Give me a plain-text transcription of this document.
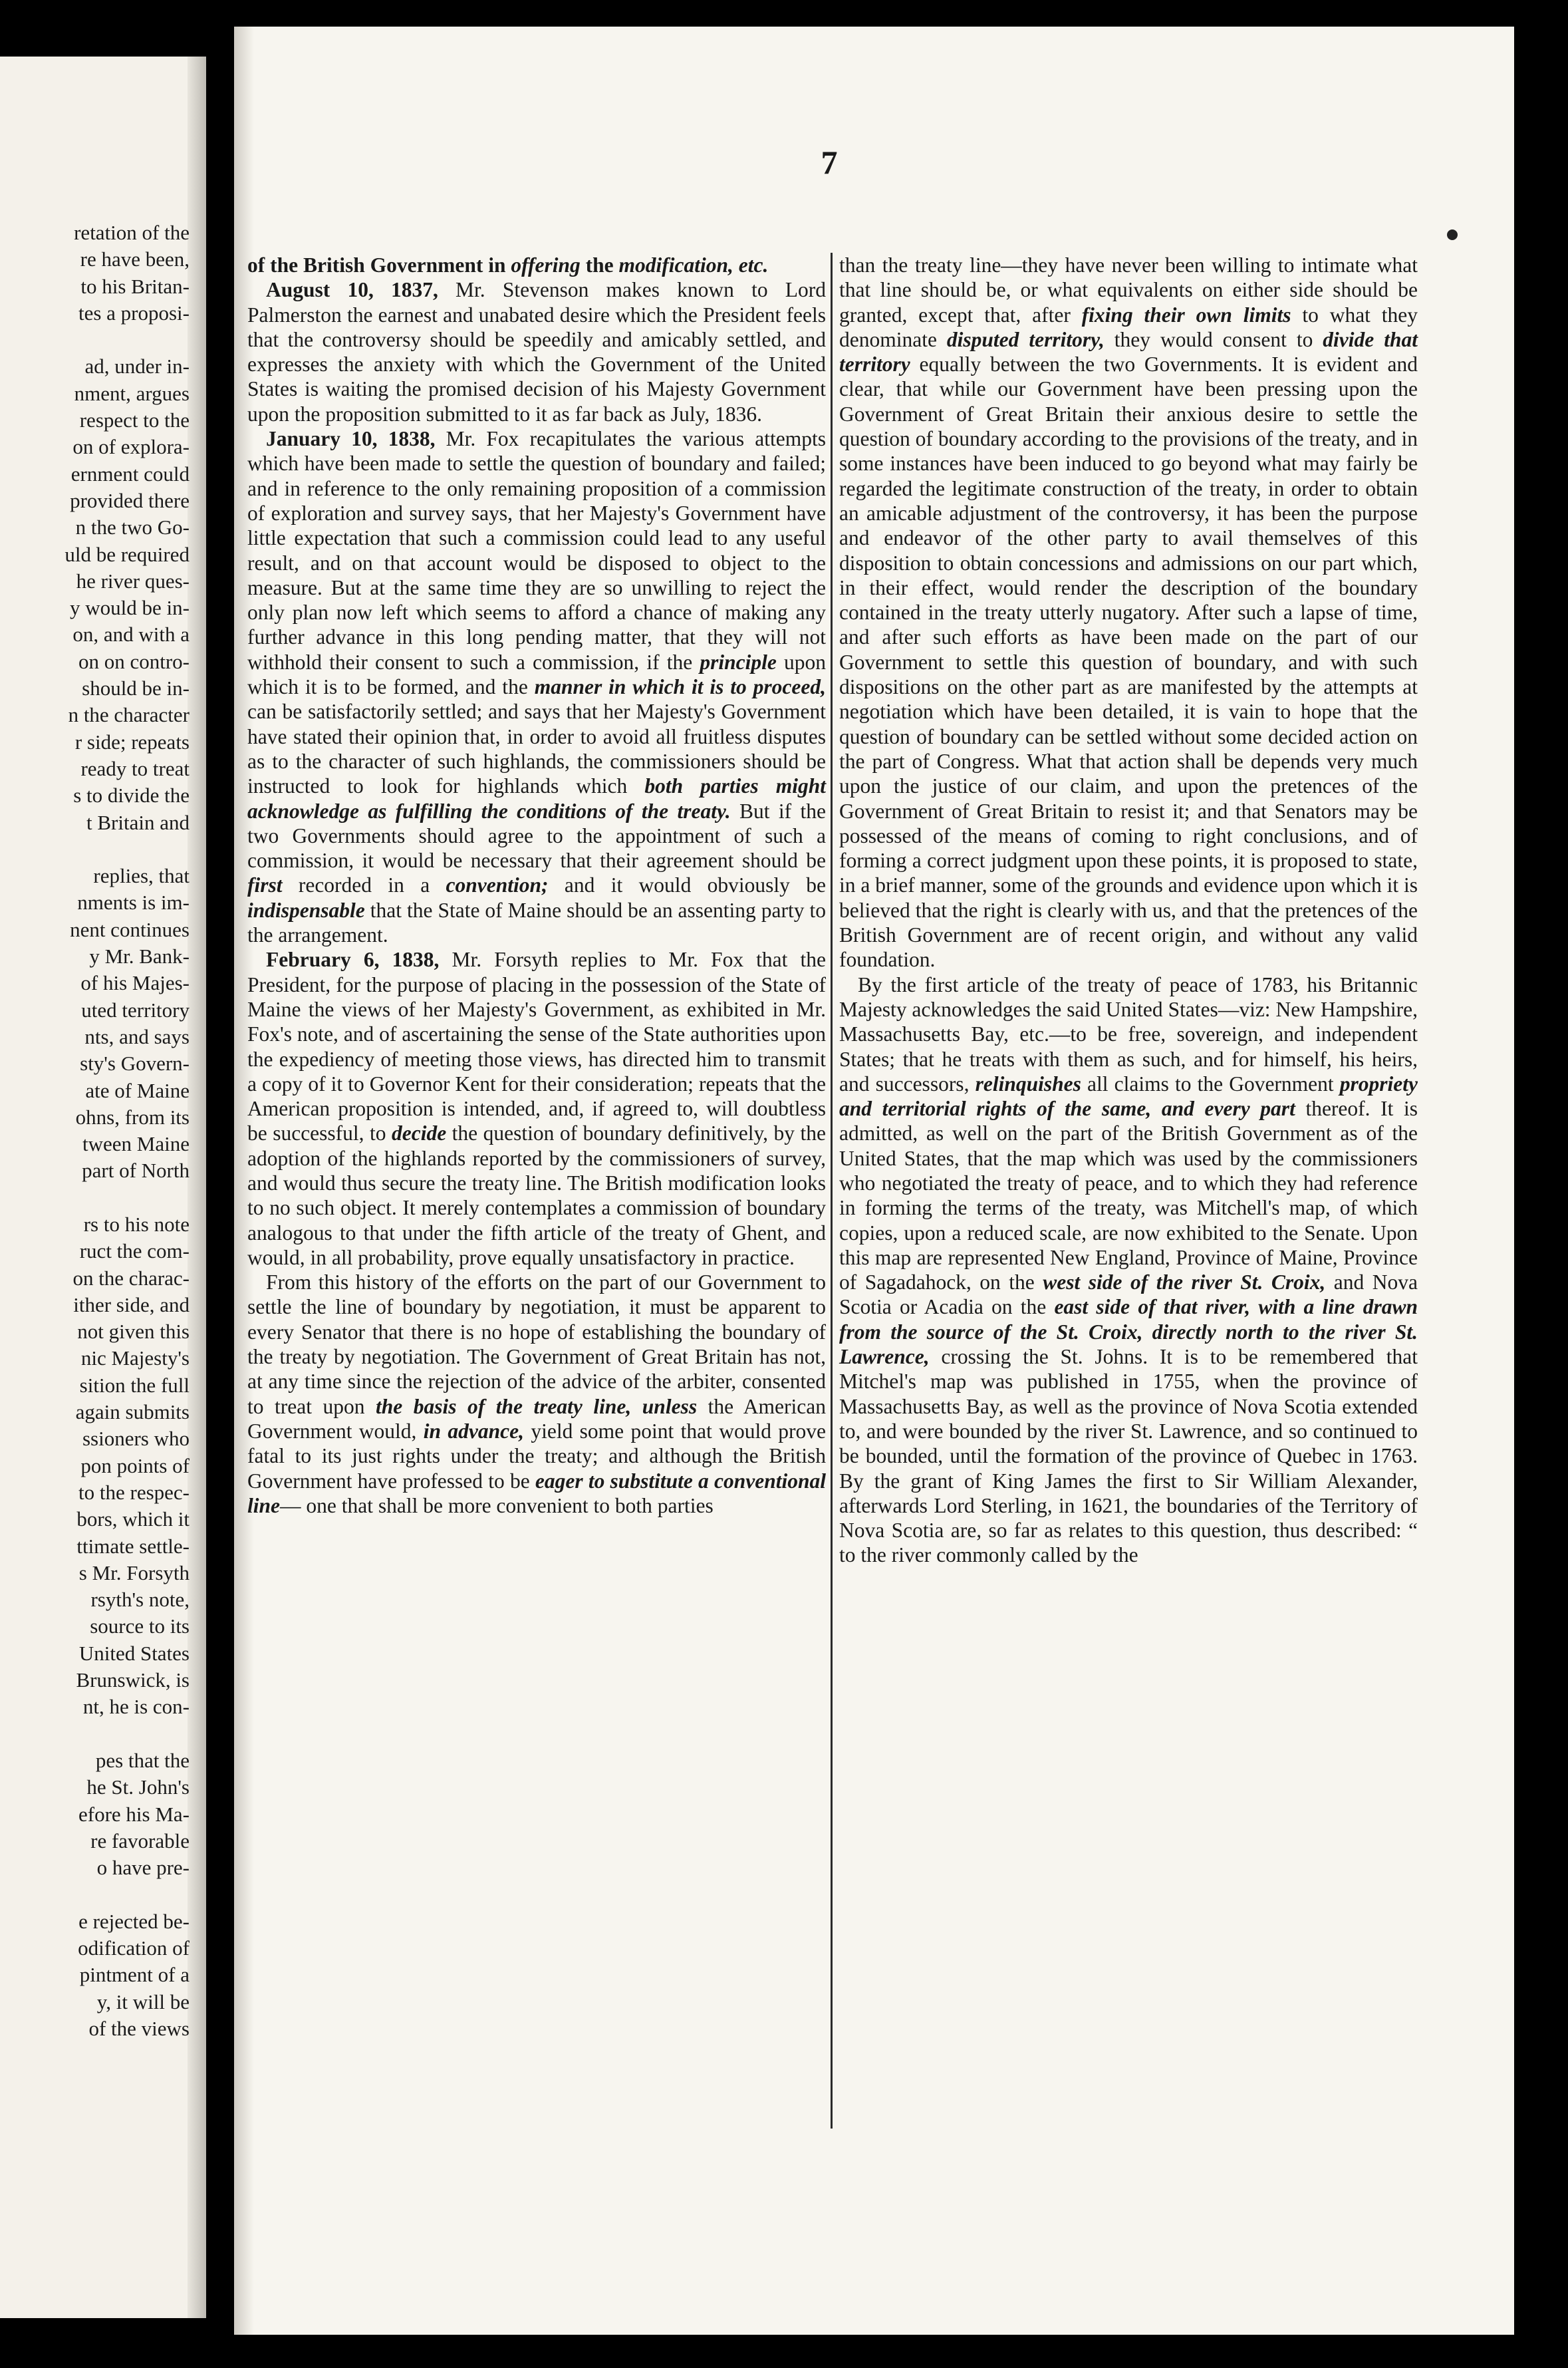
retation of the
re have been,
to his Britan-
tes a proposi-
ad, under in-
nment, argues
respect to the
on of explora-
ernment could
provided there
n the two Go-
uld be required
he river ques-
y would be in-
on, and with a
on on contro-
should be in-
n the character
r side; repeats
ready to treat
s to divide the
t Britain and
replies, that
nments is im-
nent continues
y Mr. Bank-
of his Majes-
uted territory
nts, and says
sty's Govern-
ate of Maine
ohns, from its
tween Maine
part of North
rs to his note
ruct the com-
on the charac-
ither side, and
not given this
nic Majesty's
sition the full
again submits
ssioners who
pon points of
to the respec-
bors, which it
ttimate settle-
s Mr. Forsyth
rsyth's note,
source to its
United States
Brunswick, is
nt, he is con-
pes that the
he St. John's
efore his Ma-
re favorable
o have pre-
e rejected be-
odification of
pintment of a
y, it will be
of the views
7

of the British Government in offering the modification, etc.

August 10, 1837, Mr. Stevenson makes known to Lord Palmerston the earnest and unabated desire which the President feels that the controversy should be speedily and amicably settled, and expresses the anxiety with which the Government of the United States is waiting the promised decision of his Majesty Government upon the proposition submitted to it as far back as July, 1836.

January 10, 1838, Mr. Fox recapitulates the various attempts which have been made to settle the question of boundary and failed; and in reference to the only remaining proposition of a commission of exploration and survey says, that her Majesty's Government have little expectation that such a commission could lead to any useful result, and on that account would be disposed to object to the measure. But at the same time they are so unwilling to reject the only plan now left which seems to afford a chance of making any further advance in this long pending matter, that they will not withhold their consent to such a commission, if the principle upon which it is to be formed, and the manner in which it is to proceed, can be satisfactorily settled; and says that her Majesty's Government have stated their opinion that, in order to avoid all fruitless disputes as to the character of such highlands, the commissioners should be instructed to look for highlands which both parties might acknowledge as fulfilling the conditions of the treaty. But if the two Governments should agree to the appointment of such a commission, it would be necessary that their agreement should be first recorded in a convention; and it would obviously be indispensable that the State of Maine should be an assenting party to the arrangement.

February 6, 1838, Mr. Forsyth replies to Mr. Fox that the President, for the purpose of placing in the possession of the State of Maine the views of her Majesty's Government, as exhibited in Mr. Fox's note, and of ascertaining the sense of the State authorities upon the expediency of meeting those views, has directed him to transmit a copy of it to Governor Kent for their consideration; repeats that the American proposition is intended, and, if agreed to, will doubtless be successful, to decide the question of boundary definitively, by the adoption of the highlands reported by the commissioners of survey, and would thus secure the treaty line. The British modification looks to no such object. It merely contemplates a commission of boundary analogous to that under the fifth article of the treaty of Ghent, and would, in all probability, prove equally unsatisfactory in practice.

From this history of the efforts on the part of our Government to settle the line of boundary by negotiation, it must be apparent to every Senator that there is no hope of establishing the boundary of the treaty by negotiation. The Government of Great Britain has not, at any time since the rejection of the advice of the arbiter, consented to treat upon the basis of the treaty line, unless the American Government would, in advance, yield some point that would prove fatal to its just rights under the treaty; and although the British Government have professed to be eager to substitute a conventional line— one that shall be more convenient to both parties

than the treaty line—they have never been willing to intimate what that line should be, or what equivalents on either side should be granted, except that, after fixing their own limits to what they denominate disputed territory, they would consent to divide that territory equally between the two Governments. It is evident and clear, that while our Government have been pressing upon the Government of Great Britain their anxious desire to settle the question of boundary according to the provisions of the treaty, and in some instances have been induced to go beyond what may fairly be regarded the legitimate construction of the treaty, in order to obtain an amicable adjustment of the controversy, it has been the purpose and endeavor of the other party to avail themselves of this disposition to obtain concessions and admissions on our part which, in their effect, would render the description of the boundary contained in the treaty utterly nugatory. After such a lapse of time, and after such efforts as have been made on the part of our Government to settle this question of boundary, and with such dispositions on the other part as are manifested by the attempts at negotiation which have been detailed, it is vain to hope that the question of boundary can be settled without some decided action on the part of Congress. What that action shall be depends very much upon the justice of our claim, and upon the pretences of the Government of Great Britain to resist it; and that Senators may be possessed of the means of coming to right conclusions, and of forming a correct judgment upon these points, it is proposed to state, in a brief manner, some of the grounds and evidence upon which it is believed that the right is clearly with us, and that the pretences of the British Government are of recent origin, and without any valid foundation.

By the first article of the treaty of peace of 1783, his Britannic Majesty acknowledges the said United States—viz: New Hampshire, Massachusetts Bay, etc.—to be free, sovereign, and independent States; that he treats with them as such, and for himself, his heirs, and successors, relinquishes all claims to the Government propriety and territorial rights of the same, and every part thereof. It is admitted, as well on the part of the British Government as of the United States, that the map which was used by the commissioners who negotiated the treaty of peace, and to which they had reference in forming the terms of the treaty, was Mitchell's map, of which copies, upon a reduced scale, are now exhibited to the Senate. Upon this map are represented New England, Province of Maine, Province of Sagadahock, on the west side of the river St. Croix, and Nova Scotia or Acadia on the east side of that river, with a line drawn from the source of the St. Croix, directly north to the river St. Lawrence, crossing the St. Johns. It is to be remembered that Mitchel's map was published in 1755, when the province of Massachusetts Bay, as well as the province of Nova Scotia extended to, and were bounded by the river St. Lawrence, and so continued to be bounded, until the formation of the province of Quebec in 1763. By the grant of King James the first to Sir William Alexander, afterwards Lord Sterling, in 1621, the boundaries of the Territory of Nova Scotia are, so far as relates to this question, thus described: “ to the river commonly called by the
